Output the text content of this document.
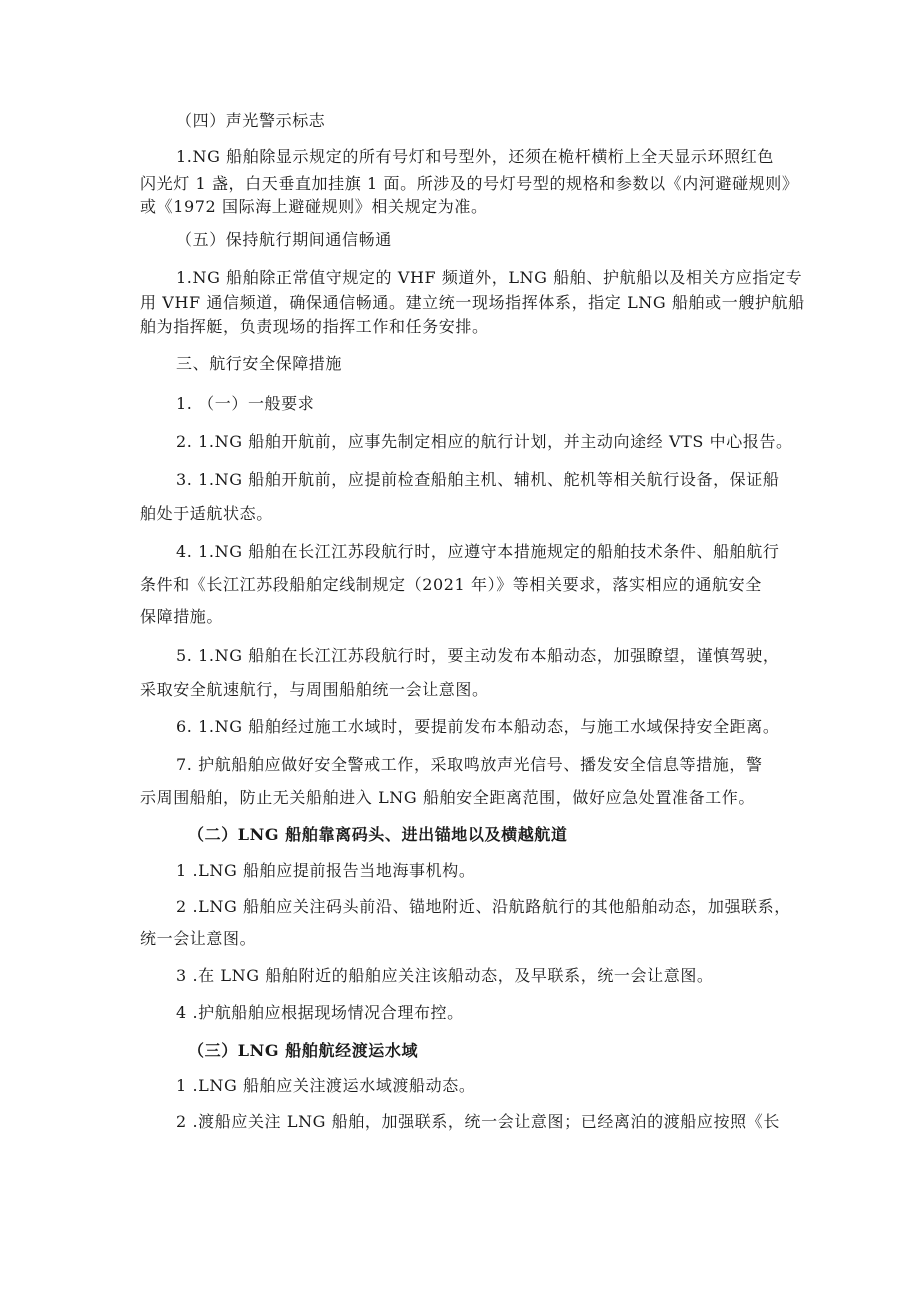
（四）声光警示标志
1.NG 船舶除显示规定的所有号灯和号型外，还须在桅杆横桁上全天显示环照红色
闪光灯 1 盏，白天垂直加挂旗 1 面。所涉及的号灯号型的规格和参数以《内河避碰规则》
或《1972 国际海上避碰规则》相关规定为准。
（五）保持航行期间通信畅通
1.NG 船舶除正常值守规定的 VHF 频道外，LNG 船舶、护航船以及相关方应指定专
用 VHF 通信频道，确保通信畅通。建立统一现场指挥体系，指定 LNG 船舶或一艘护航船
舶为指挥艇，负责现场的指挥工作和任务安排。
三、航行安全保障措施
1. （一）一般要求
2. 1.NG 船舶开航前，应事先制定相应的航行计划，并主动向途经 VTS 中心报告。
3. 1.NG 船舶开航前，应提前检查船舶主机、辅机、舵机等相关航行设备，保证船
舶处于适航状态。
4. 1.NG 船舶在长江江苏段航行时，应遵守本措施规定的船舶技术条件、船舶航行
条件和《长江江苏段船舶定线制规定（2021 年）》等相关要求，落实相应的通航安全
保障措施。
5. 1.NG 船舶在长江江苏段航行时，要主动发布本船动态，加强瞭望，谨慎驾驶，
采取安全航速航行，与周围船舶统一会让意图。
6. 1.NG 船舶经过施工水域时，要提前发布本船动态，与施工水域保持安全距离。
7. 护航船舶应做好安全警戒工作，采取鸣放声光信号、播发安全信息等措施，警
示周围船舶，防止无关船舶进入 LNG 船舶安全距离范围，做好应急处置准备工作。
（二）LNG 船舶靠离码头、进出锚地以及横越航道
1 .LNG 船舶应提前报告当地海事机构。
2 .LNG 船舶应关注码头前沿、锚地附近、沿航路航行的其他船舶动态，加强联系，
统一会让意图。
3 .在 LNG 船舶附近的船舶应关注该船动态，及早联系，统一会让意图。
4 .护航船舶应根据现场情况合理布控。
（三）LNG 船舶航经渡运水域
1 .LNG 船舶应关注渡运水域渡船动态。
2 .渡船应关注 LNG 船舶，加强联系，统一会让意图；已经离泊的渡船应按照《长
